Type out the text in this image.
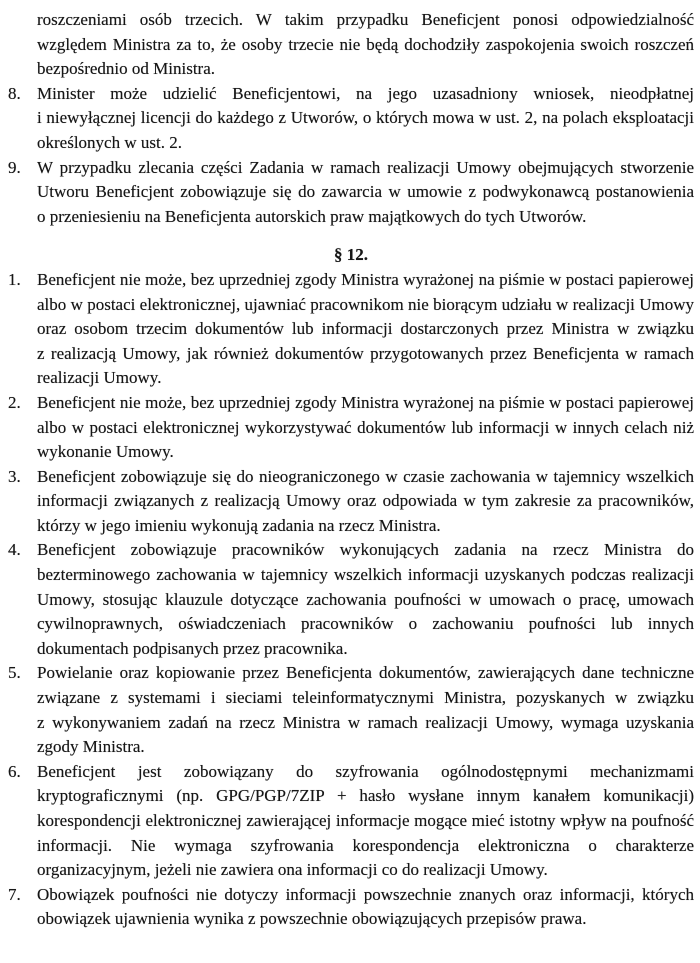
roszczeniami osób trzecich. W takim przypadku Beneficjent ponosi odpowiedzialność względem Ministra za to, że osoby trzecie nie będą dochodziły zaspokojenia swoich roszczeń bezpośrednio od Ministra.

8. Minister może udzielić Beneficjentowi, na jego uzasadniony wniosek, nieodpłatnej i niewyłącznej licencji do każdego z Utworów, o których mowa w ust. 2, na polach eksploatacji określonych w ust. 2.
9. W przypadku zlecania części Zadania w ramach realizacji Umowy obejmujących stworzenie Utworu Beneficjent zobowiązuje się do zawarcia w umowie z podwykonawcą postanowienia o przeniesieniu na Beneficjenta autorskich praw majątkowych do tych Utworów.
§ 12.
1. Beneficjent nie może, bez uprzedniej zgody Ministra wyrażonej na piśmie w postaci papierowej albo w postaci elektronicznej, ujawniać pracownikom nie biorącym udziału w realizacji Umowy oraz osobom trzecim dokumentów lub informacji dostarczonych przez Ministra w związku z realizacją Umowy, jak również dokumentów przygotowanych przez Beneficjenta w ramach realizacji Umowy.
2. Beneficjent nie może, bez uprzedniej zgody Ministra wyrażonej na piśmie w postaci papierowej albo w postaci elektronicznej wykorzystywać dokumentów lub informacji w innych celach niż wykonanie Umowy.
3. Beneficjent zobowiązuje się do nieograniczonego w czasie zachowania w tajemnicy wszelkich informacji związanych z realizacją Umowy oraz odpowiada w tym zakresie za pracowników, którzy w jego imieniu wykonują zadania na rzecz Ministra.
4. Beneficjent zobowiązuje pracowników wykonujących zadania na rzecz Ministra do bezterminowego zachowania w tajemnicy wszelkich informacji uzyskanych podczas realizacji Umowy, stosując klauzule dotyczące zachowania poufności w umowach o pracę, umowach cywilnoprawnych, oświadczeniach pracowników o zachowaniu poufności lub innych dokumentach podpisanych przez pracownika.
5. Powielanie oraz kopiowanie przez Beneficjenta dokumentów, zawierających dane techniczne związane z systemami i sieciami teleinformatycznymi Ministra, pozyskanych w związku z wykonywaniem zadań na rzecz Ministra w ramach realizacji Umowy, wymaga uzyskania zgody Ministra.
6. Beneficjent jest zobowiązany do szyfrowania ogólnodostępnymi mechanizmami kryptograficznymi (np. GPG/PGP/7ZIP + hasło wysłane innym kanałem komunikacji) korespondencji elektronicznej zawierającej informacje mogące mieć istotny wpływ na poufność informacji. Nie wymaga szyfrowania korespondencja elektroniczna o charakterze organizacyjnym, jeżeli nie zawiera ona informacji co do realizacji Umowy.
7. Obowiązek poufności nie dotyczy informacji powszechnie znanych oraz informacji, których obowiązek ujawnienia wynika z powszechnie obowiązujących przepisów prawa.
